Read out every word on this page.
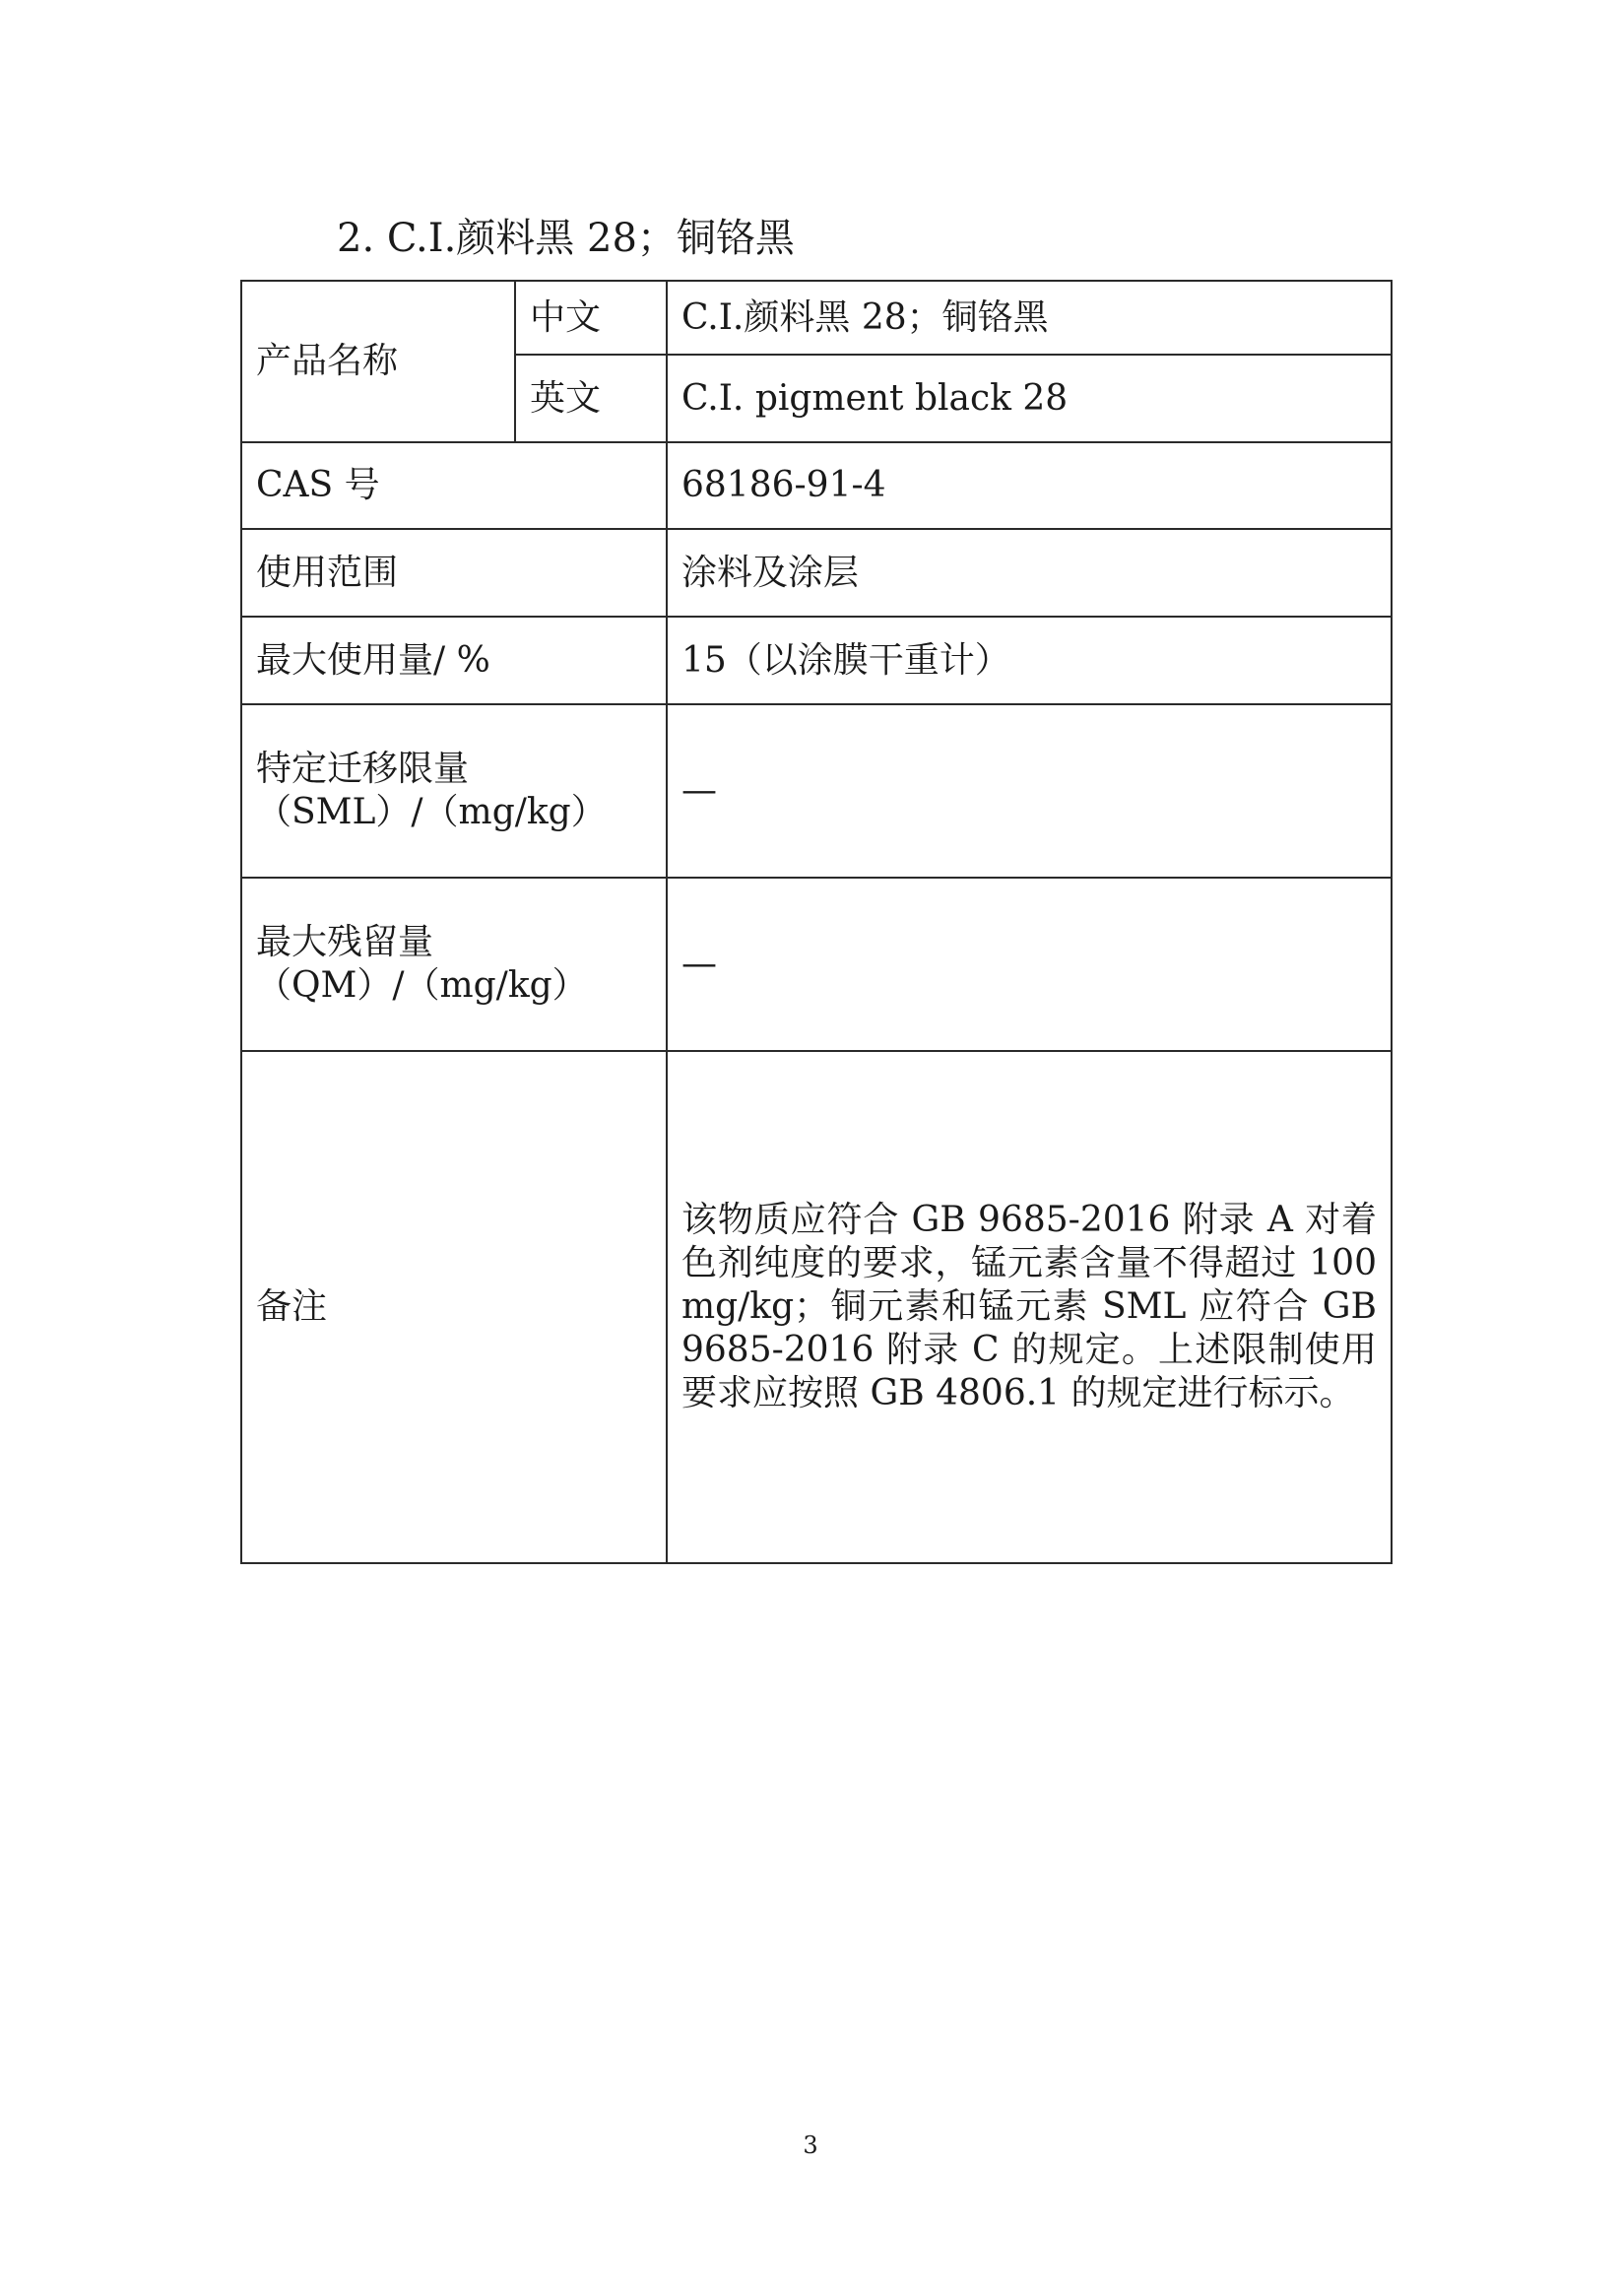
2. C.I.颜料黑 28；铜铬黑
产品名称	中文	C.I.颜料黑 28；铜铬黑
	英文	C.I. pigment black 28
CAS 号		68186-91-4
使用范围		涂料及涂层
最大使用量/ %		15（以涂膜干重计）

特定迁移限量
（SML）/（mg/kg）		—

最大残留量
（QM）/（mg/kg）		—
备注		该物质应符合 GB 9685-2016 附录 A 对着色剂纯度的要求，锰元素含量不得超过 100 mg/kg；铜元素和锰元素 SML 应符合 GB 9685-2016 附录 C 的规定。上述限制使用要求应按照 GB 4806.1 的规定进行标示。
3
